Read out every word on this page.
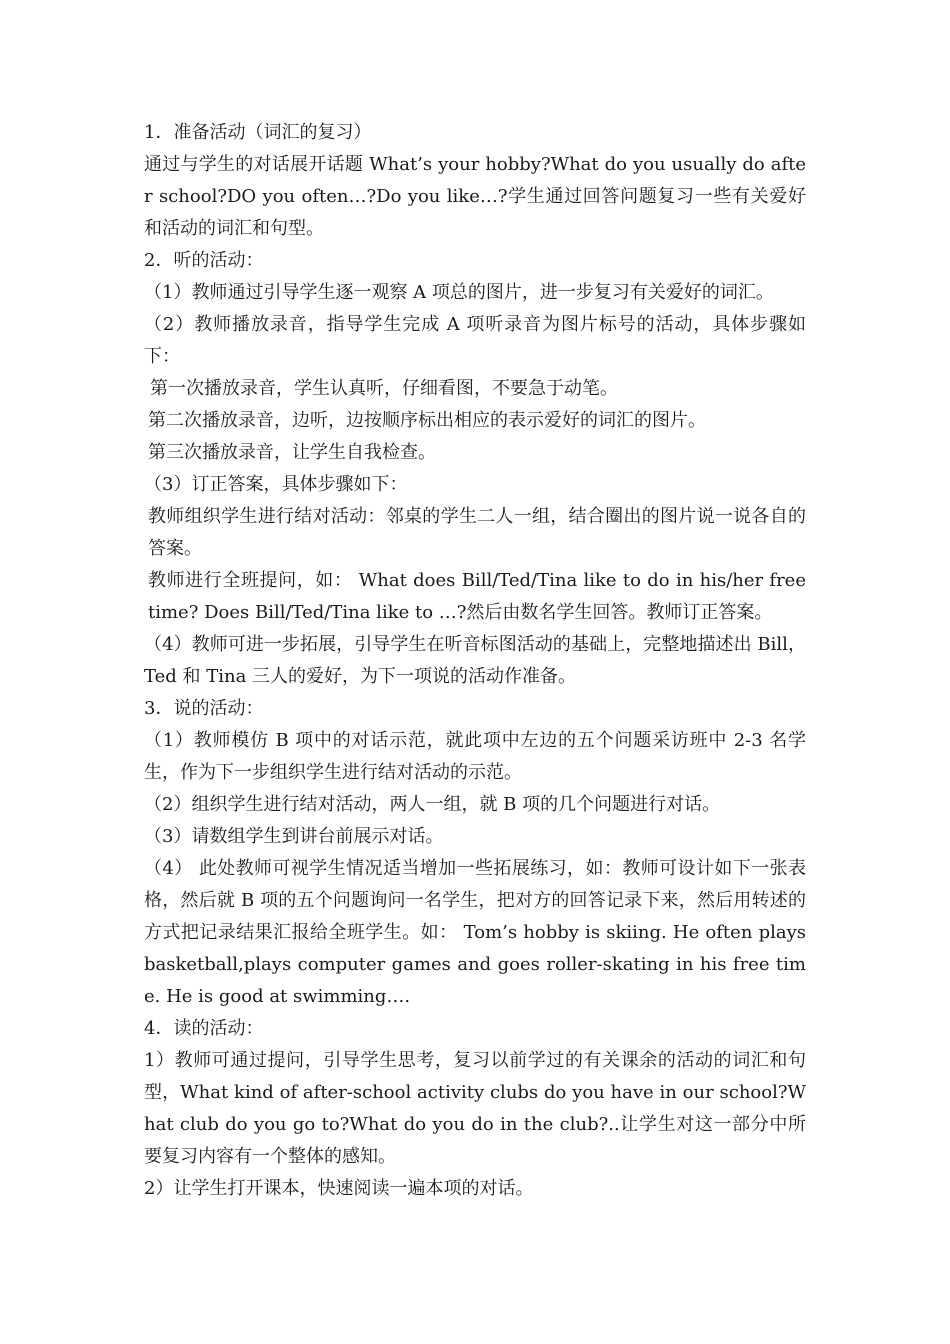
1．准备活动（词汇的复习）

通过与学生的对话展开话题 What’s your hobby?What do you usually do after school?DO you often…?Do you like…?学生通过回答问题复习一些有关爱好和活动的词汇和句型。

2．听的活动：

（1）教师通过引导学生逐一观察 A 项总的图片，进一步复习有关爱好的词汇。

（2）教师播放录音，指导学生完成 A 项听录音为图片标号的活动，具体步骤如下：

第一次播放录音，学生认真听，仔细看图，不要急于动笔。

第二次播放录音，边听，边按顺序标出相应的表示爱好的词汇的图片。

第三次播放录音，让学生自我检查。

（3）订正答案，具体步骤如下：

教师组织学生进行结对活动：邻桌的学生二人一组，结合圈出的图片说一说各自的答案。

教师进行全班提问，如： What does Bill/Ted/Tina like to do in his/her free time? Does Bill/Ted/Tina like to …?然后由数名学生回答。教师订正答案。

（4）教师可进一步拓展，引导学生在听音标图活动的基础上，完整地描述出 Bill，Ted 和 Tina 三人的爱好，为下一项说的活动作准备。

3．说的活动：

（1）教师模仿 B 项中的对话示范，就此项中左边的五个问题采访班中 2-3 名学生，作为下一步组织学生进行结对活动的示范。

（2）组织学生进行结对活动，两人一组，就 B 项的几个问题进行对话。

（3）请数组学生到讲台前展示对话。

（4） 此处教师可视学生情况适当增加一些拓展练习，如：教师可设计如下一张表格，然后就 B 项的五个问题询问一名学生，把对方的回答记录下来，然后用转述的方式把记录结果汇报给全班学生。如： Tom’s hobby is skiing. He often plays basketball,plays computer games and goes roller-skating in his free time. He is good at swimming….

4．读的活动：

1）教师可通过提问，引导学生思考，复习以前学过的有关课余的活动的词汇和句型，What kind of after-school activity clubs do you have in our school?What club do you go to?What do you do in the club?..让学生对这一部分中所要复习内容有一个整体的感知。

2）让学生打开课本，快速阅读一遍本项的对话。
